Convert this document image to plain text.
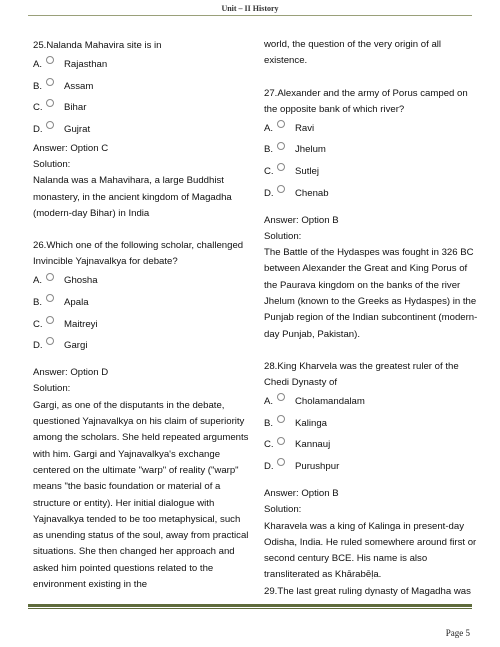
Unit – II History

25.Nalanda Mahavira site is in

A.	Rajasthan
B.	Assam
C.	Bihar
D.	Gujrat
Answer: Option C
Solution:
Nalanda was a Mahavihara, a large Buddhist monastery, in the ancient kingdom of Magadha (modern-day Bihar) in India

26.Which one of the following scholar, challenged Invincible Yajnavalkya for debate?

A.	Ghosha
B.	Apala
C.	Maitreyi
D.	Gargi
Answer: Option D
Solution:
Gargi, as one of the disputants in the debate, questioned Yajnavalkya on his claim of superiority among the scholars. She held repeated arguments with him. Gargi and Yajnavalkya's exchange centered on the ultimate "warp" of reality ("warp" means "the basic foundation or material of a structure or entity). Her initial dialogue with Yajnavalkya tended to be too metaphysical, such as unending status of the soul, away from practical situations. She then changed her approach and asked him pointed questions related to the environment existing in the
world, the question of the very origin of all existence.

27.Alexander and the army of Porus camped on the opposite bank of which river?

A.	Ravi
B.	Jhelum
C.	Sutlej
D.	Chenab
Answer: Option B
Solution:
The Battle of the Hydaspes was fought in 326 BC between Alexander the Great and King Porus of the Paurava kingdom on the banks of the river Jhelum (known to the Greeks as Hydaspes) in the Punjab region of the Indian subcontinent (modern-day Punjab, Pakistan).

28.King Kharvela was the greatest ruler of the Chedi Dynasty of

A.	Cholamandalam
B.	Kalinga
C.	Kannauj
D.	Purushpur
Answer: Option B
Solution:
Kharavela was a king of Kalinga in present-day Odisha, India. He ruled somewhere around first or second century BCE. His name is also transliterated as Khārabēḷa.

29.The last great ruling dynasty of Magadha was

Page 5
